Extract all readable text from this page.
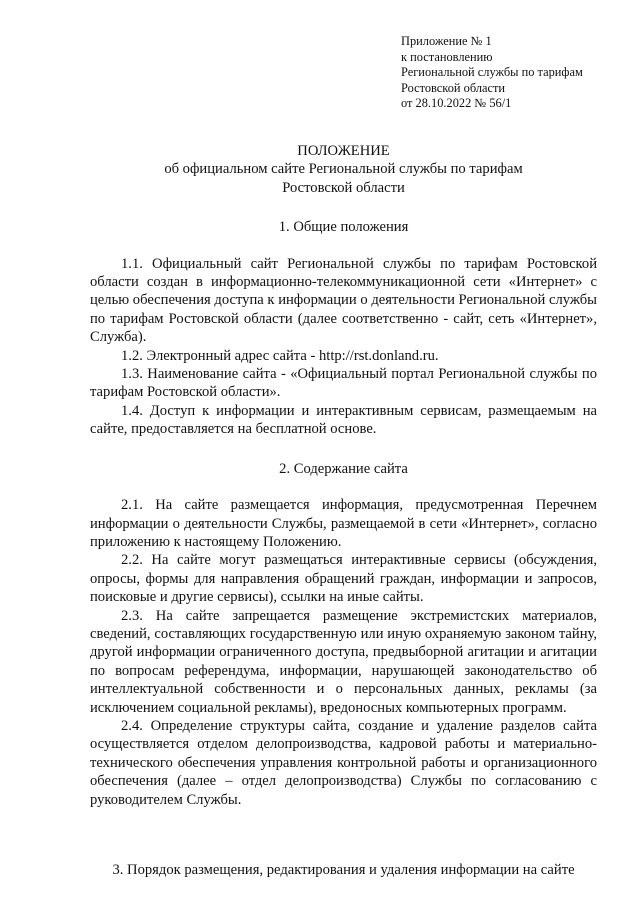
Приложение № 1
к постановлению
Региональной службы по тарифам
Ростовской области
от 28.10.2022 № 56/1
ПОЛОЖЕНИЕ
об официальном сайте Региональной службы по тарифам
Ростовской области
1. Общие положения

1.1. Официальный сайт Региональной службы по тарифам Ростовской области создан в информационно-телекоммуникационной сети «Интернет» с целью обеспечения доступа к информации о деятельности Региональной службы по тарифам Ростовской области (далее соответственно - сайт, сеть «Интернет», Служба).

1.2. Электронный адрес сайта - http://rst.donland.ru.

1.3. Наименование сайта - «Официальный портал Региональной службы по тарифам Ростовской области».

1.4. Доступ к информации и интерактивным сервисам, размещаемым на сайте, предоставляется на бесплатной основе.

2. Содержание сайта

2.1. На сайте размещается информация, предусмотренная Перечнем информации о деятельности Службы, размещаемой в сети «Интернет», согласно приложению к настоящему Положению.

2.2. На сайте могут размещаться интерактивные сервисы (обсуждения, опросы, формы для направления обращений граждан, информации и запросов, поисковые и другие сервисы), ссылки на иные сайты.

2.3. На сайте запрещается размещение экстремистских материалов, сведений, составляющих государственную или иную охраняемую законом тайну, другой информации ограниченного доступа, предвыборной агитации и агитации по вопросам референдума, информации, нарушающей законодательство об интеллектуальной собственности и о персональных данных, рекламы (за исключением социальной рекламы), вредоносных компьютерных программ.

2.4. Определение структуры сайта, создание и удаление разделов сайта осуществляется отделом делопроизводства, кадровой работы и материально-технического обеспечения управления контрольной работы и организационного обеспечения (далее – отдел делопроизводства) Службы по согласованию с руководителем Службы.

3. Порядок размещения, редактирования и удаления информации на сайте
